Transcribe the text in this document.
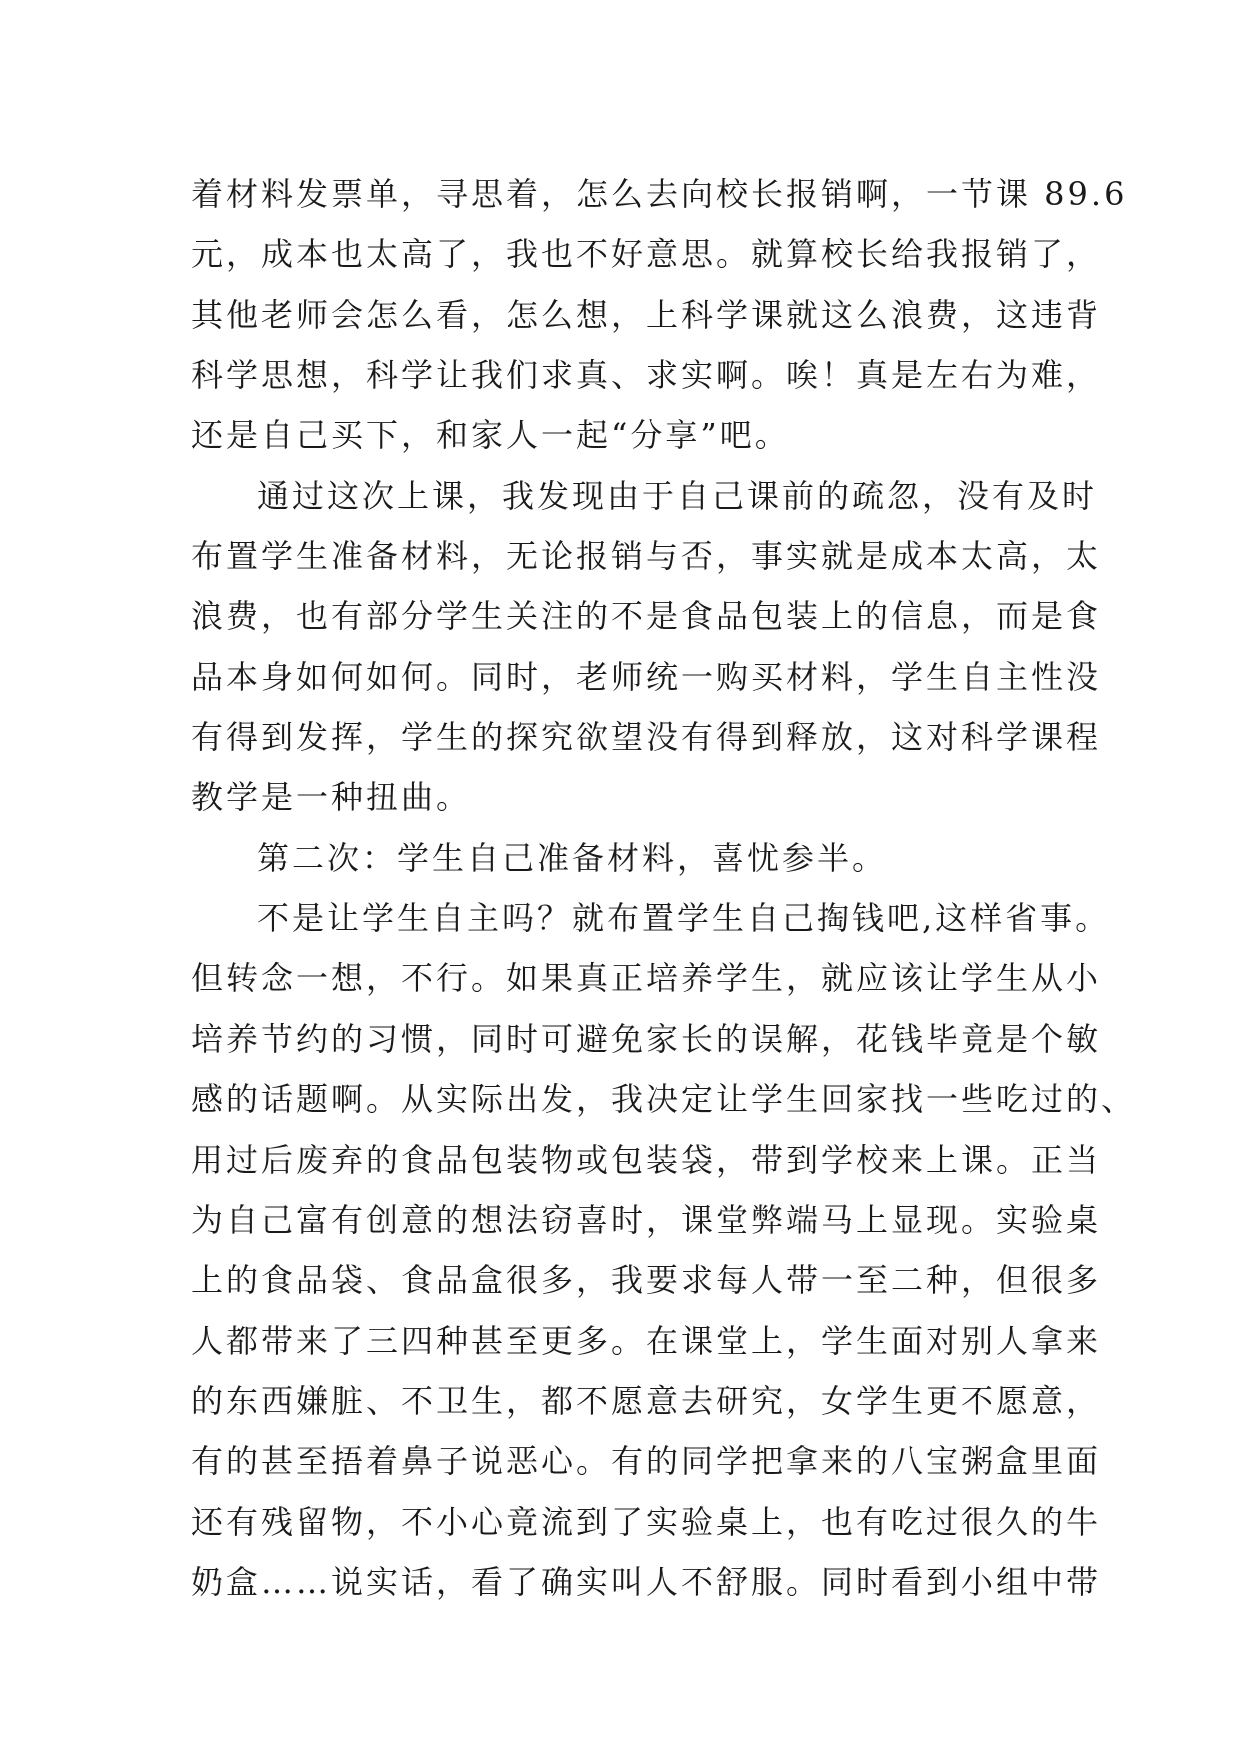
着材料发票单，寻思着，怎么去向校长报销啊，一节课 89.6
元，成本也太高了，我也不好意思。就算校长给我报销了，
其他老师会怎么看，怎么想，上科学课就这么浪费，这违背
科学思想，科学让我们求真、求实啊。唉！真是左右为难，
还是自己买下，和家人一起“分享”吧。
通过这次上课，我发现由于自己课前的疏忽，没有及时
布置学生准备材料，无论报销与否，事实就是成本太高，太
浪费，也有部分学生关注的不是食品包装上的信息，而是食
品本身如何如何。同时，老师统一购买材料，学生自主性没
有得到发挥，学生的探究欲望没有得到释放，这对科学课程
教学是一种扭曲。
第二次：学生自己准备材料，喜忧参半。
不是让学生自主吗？就布置学生自己掏钱吧,这样省事。
但转念一想，不行。如果真正培养学生，就应该让学生从小
培养节约的习惯，同时可避免家长的误解，花钱毕竟是个敏
感的话题啊。从实际出发，我决定让学生回家找一些吃过的、
用过后废弃的食品包装物或包装袋，带到学校来上课。正当
为自己富有创意的想法窃喜时，课堂弊端马上显现。实验桌
上的食品袋、食品盒很多，我要求每人带一至二种，但很多
人都带来了三四种甚至更多。在课堂上，学生面对别人拿来
的东西嫌脏、不卫生，都不愿意去研究，女学生更不愿意，
有的甚至捂着鼻子说恶心。有的同学把拿来的八宝粥盒里面
还有残留物，不小心竟流到了实验桌上，也有吃过很久的牛
奶盒……说实话，看了确实叫人不舒服。同时看到小组中带
